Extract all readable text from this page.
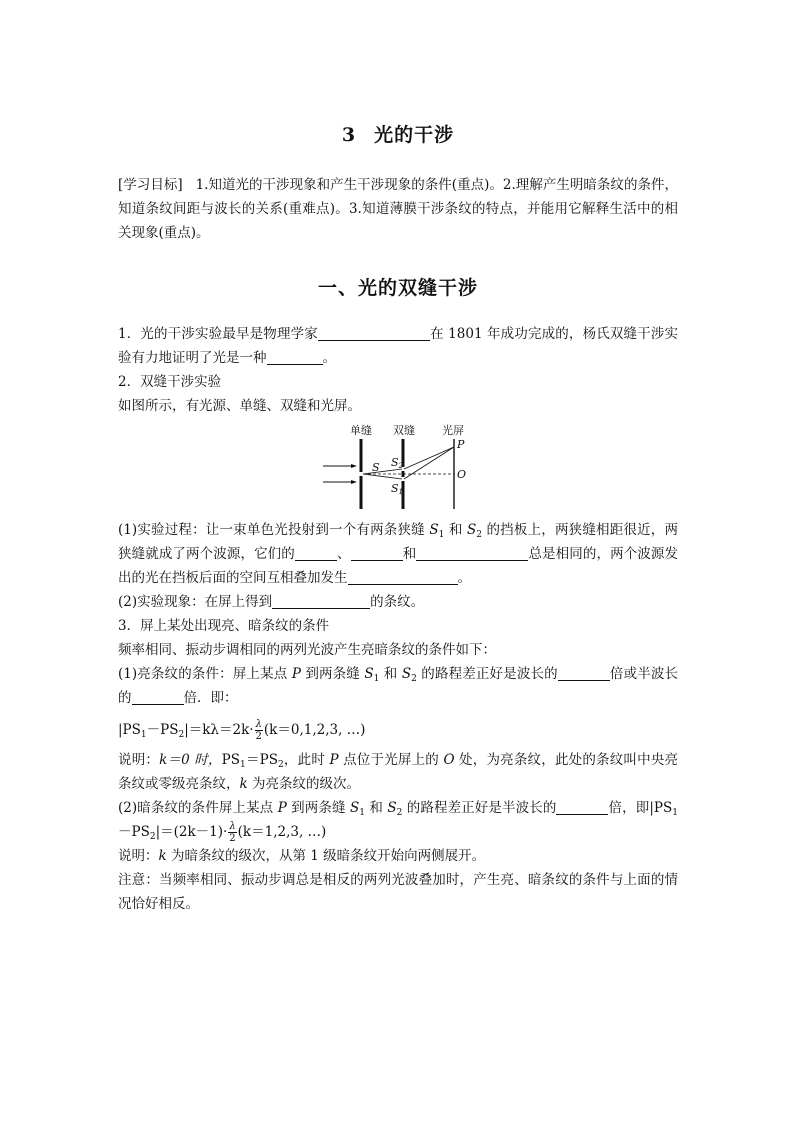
3 光的干涉

[学习目标] 1.知道光的干涉现象和产生干涉现象的条件(重点)。2.理解产生明暗条纹的条件，知道条纹间距与波长的关系(重难点)。3.知道薄膜干涉条纹的特点，并能用它解释生活中的相关现象(重点)。

一、光的双缝干涉

1．光的干涉实验最早是物理学家	在 1801 年成功完成的，杨氏双缝干涉实验有力地证明了光是一种	。

2．双缝干涉实验

如图所示，有光源、单缝、双缝和光屏。

单缝 双缝 光屏
S S2
S1
P
O

(1)实验过程：让一束单色光投射到一个有两条狭缝 $S_1$ 和 $S_2$ 的挡板上，两狭缝相距很近，两狭缝就成了两个波源，它们的	、	和	总是相同的，两个波源发出的光在挡板后面的空间互相叠加发生	。

(2)实验现象：在屏上得到	的条纹。

3．屏上某处出现亮、暗条纹的条件

频率相同、振动步调相同的两列光波产生亮暗条纹的条件如下：

(1)亮条纹的条件：屏上某点 P 到两条缝 $S_1$ 和 $S_2$ 的路程差正好是波长的	倍或半波长的	倍．即：

$|PS_1-PS_2|=k\lambda=2k\cdot \frac{\lambda}{2} (k=0,1,2,3$, …)

说明：k＝0 时，$PS_1=PS_2$，此时 P 点位于光屏上的 O 处，为亮条纹，此处的条纹叫中央亮条纹或零级亮条纹，k 为亮条纹的级次。

(2)暗条纹的条件屏上某点 P 到两条缝 $S_1$ 和 $S_2$ 的路程差正好是半波长的	倍，即$|PS_1-PS_2|=(2k-1)\cdot \frac{\lambda}{2} (k=1,2,3$, …)

说明：k 为暗条纹的级次，从第 1 级暗条纹开始向两侧展开。

注意：当频率相同、振动步调总是相反的两列光波叠加时，产生亮、暗条纹的条件与上面的情况恰好相反。
